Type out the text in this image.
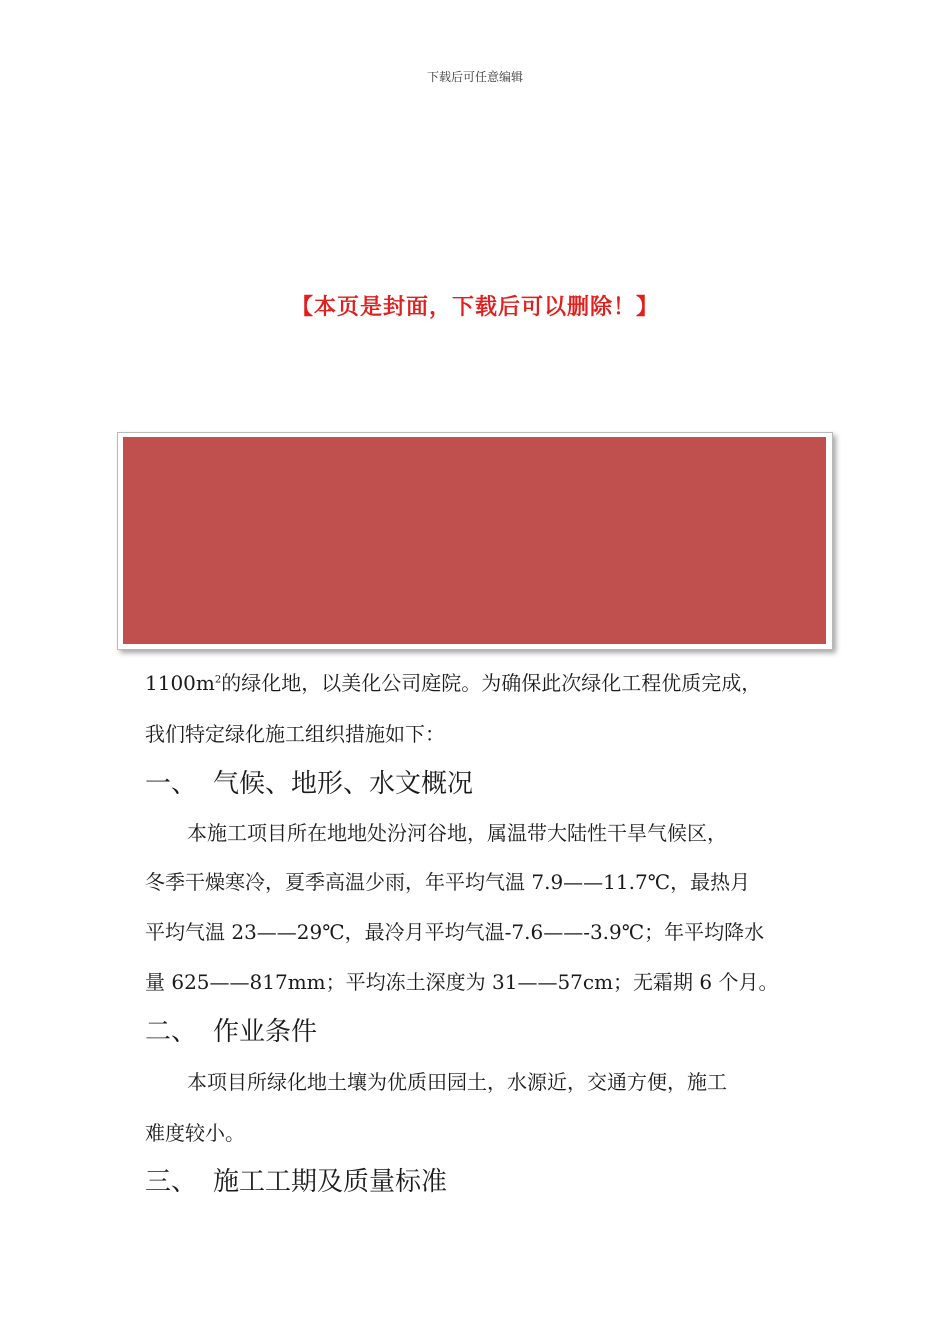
下载后可任意编辑
【本页是封面，下载后可以删除！】
$1100m^2$的绿化地，以美化公司庭院。为确保此次绿化工程优质完成，
我们特定绿化施工组织措施如下：
一、 气候、地形、水文概况
本施工项目所在地地处汾河谷地，属温带大陆性干旱气候区，
冬季干燥寒冷，夏季高温少雨，年平均气温 7.9——11.7℃，最热月
平均气温 23——29℃，最冷月平均气温-7.6——-3.9℃；年平均降水
量 625——817mm；平均冻土深度为 31——57cm；无霜期 6 个月。
二、 作业条件
本项目所绿化地土壤为优质田园土，水源近，交通方便，施工
难度较小。
三、 施工工期及质量标准
